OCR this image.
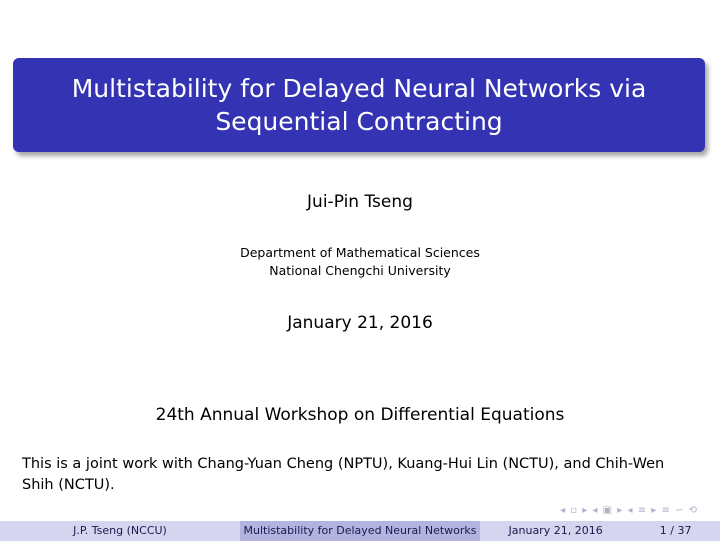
Multistability for Delayed Neural Networks via Sequential Contracting
Jui-Pin Tseng
Department of Mathematical Sciences
National Chengchi University
January 21, 2016
24th Annual Workshop on Differential Equations
This is a joint work with Chang-Yuan Cheng (NPTU), Kuang-Hui Lin (NCTU), and Chih-Wen Shih (NCTU).
◂ ▫ ▸ ◂ ▣ ▸ ◂ ≡ ▸ ≡ ∽ ⟲
J.P. Tseng (NCCU)	Multistability for Delayed Neural Networks	January 21, 2016	1 / 37
